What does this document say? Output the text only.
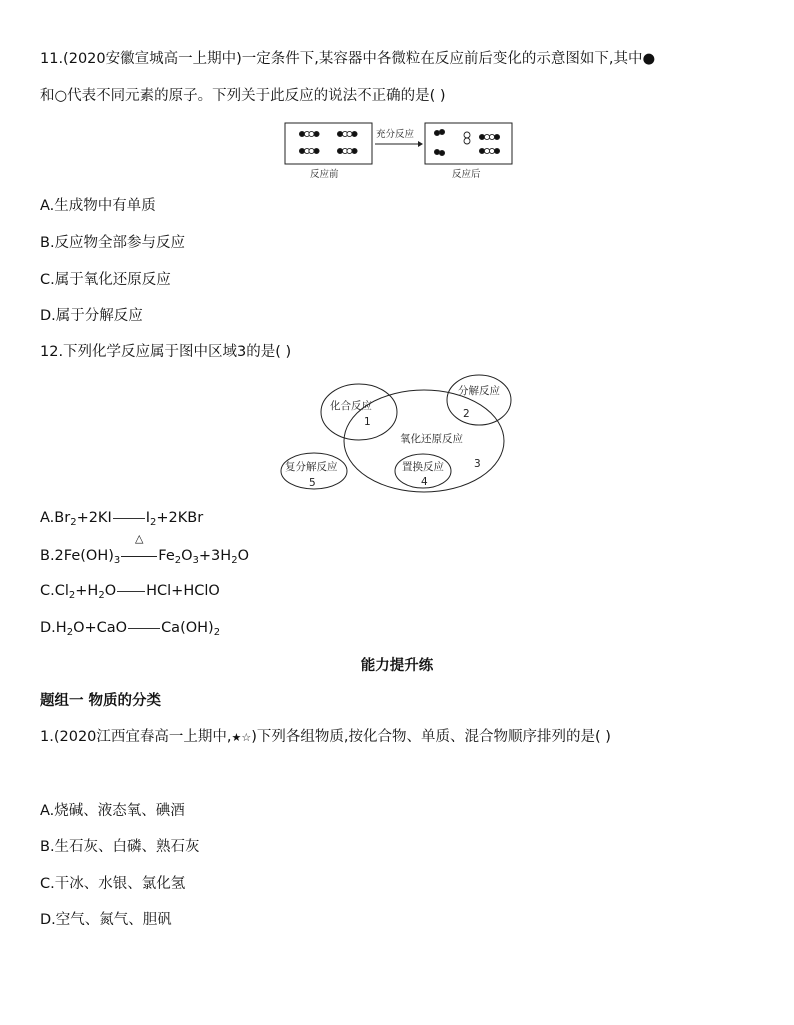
11.(2020安徽宣城高一上期中)一定条件下,某容器中各微粒在反应前后变化的示意图如下,其中●
和○代表不同元素的原子。下列关于此反应的说法不正确的是( )
充分反应
反应前	反应后
A.生成物中有单质
B.反应物全部参与反应
C.属于氧化还原反应
D.属于分解反应
12.下列化学反应属于图中区域3的是( )
化合反应
1
分解反应
2
氧化还原反应
3
复分解反应
5
置换反应
4
$A.Br_2+2KI$ $I_2+2KBr$
$B.2Fe(OH)_3$
△
$Fe_2O_3+3H_2O$
$C.Cl_2+H_2O$ HCl+HClO
$D.H_2O+CaO$ $Ca(OH)_2$
能力提升练
题组一 物质的分类
1.(2020江西宜春高一上期中,★☆)下列各组物质,按化合物、单质、混合物顺序排列的是( )
A.烧碱、液态氧、碘酒
B.生石灰、白磷、熟石灰
C.干冰、水银、氯化氢
D.空气、氮气、胆矾
